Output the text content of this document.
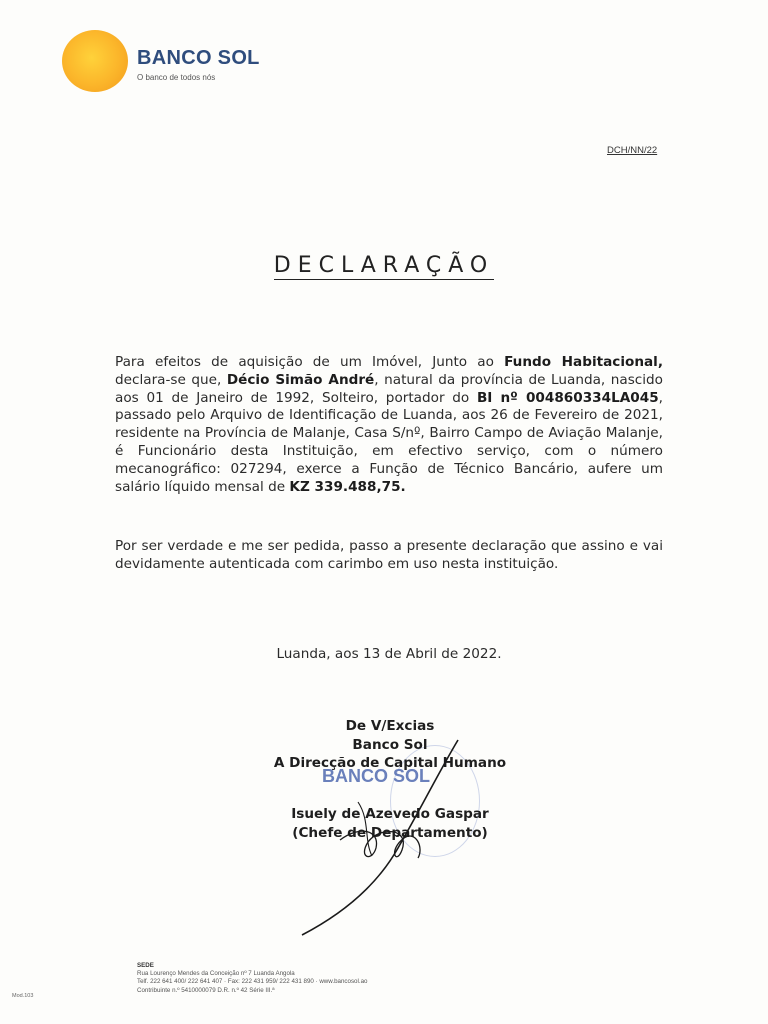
BANCO SOL
O banco de todos nós
DCH/NN/22
DECLARAÇÃO
Para efeitos de aquisição de um Imóvel, Junto ao Fundo Habitacional, declara-se que, Décio Simão André, natural da província de Luanda, nascido aos 01 de Janeiro de 1992, Solteiro, portador do BI nº 004860334LA045, passado pelo Arquivo de Identificação de Luanda, aos 26 de Fevereiro de 2021, residente na Província de Malanje, Casa S/nº, Bairro Campo de Aviação Malanje, é Funcionário desta Instituição, em efectivo serviço, com o número mecanográfico: 027294, exerce a Função de Técnico Bancário, aufere um salário líquido mensal de KZ 339.488,75.
Por ser verdade e me ser pedida, passo a presente declaração que assino e vai devidamente autenticada com carimbo em uso nesta instituição.
Luanda, aos 13 de Abril de 2022.
De V/Excias
Banco Sol
A Direcção de Capital Humano
BANCO SOL
Isuely de Azevedo Gaspar
(Chefe de Departamento)
SEDE
Rua Lourenço Mendes da Conceição nº 7 Luanda Angola
Telf. 222 641 400/ 222 641 407 · Fax: 222 431 959/ 222 431 890 · www.bancosol.ao
Contribuinte n.º 5410000079 D.R. n.º 42 Série III.ª
Mod.103
